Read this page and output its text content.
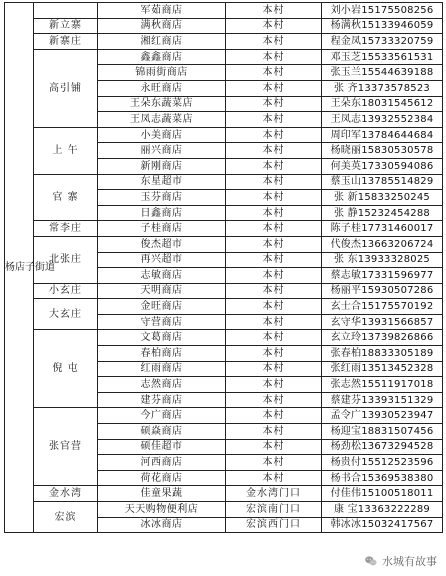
杨店子街道		军茹商店	本村	刘小岩15175508256
	新立寨	满秋商店	本村	杨满秋15133946059
	新寨庄	湘红商店	本村	程金凤15733320759
	高引铺	鑫鑫商店	本村	邓玉芝15533561531
		锦雨街商店	本村	张玉兰15544639188
		永旺商店	本村	张 齐13373578523
		王朵东蔬菜店	本村	王朵东18031545612
		王凤志蔬菜店	本村	王凤志13932552384
	上 午	小美商店	本村	周印军13784644684
		丽兴商店	本村	杨晓丽15830530578
		新刚商店	本村	何美英17330594086
	官 寨	东星超市	本村	蔡玉山13785514829
		玉芬商店	本村	张 新15833250245
		日鑫商店	本村	张 静15232454288
	常李庄	子桂商店	本村	陈子桂17731460017
	北张庄	俊杰超市	本村	代俊杰13663206724
		再兴超市	本村	张 东13933328025
		志敏商店	本村	蔡志敏17331596977
	小玄庄	天明商店	本村	杨丽平15930507286
	大玄庄	金旺商店	本村	玄士合15175570192
		守营商店	本村	玄守华13931566857
	倪 屯	文葛商店	本村	玄立玲13739826866
		春柏商店	本村	张春柏18833305189
		红雨商店	本村	张红雨13513452328
		志然商店	本村	张志然15511917018
		建芬商店	本村	蔡建芬13393151329
	张官营	今广商店	本村	孟令广13930523947
		硕焱商店	本村	杨迎宝18831507456
		硕佳超市	本村	杨劲松13673294528
		河西商店	本村	杨贵付15512523596
		荷花商店	本村	杨书合15369538380
	金水湾	佳童果蔬	金水湾门口	付佳伟15100518011
	宏滨	天天购物便利店	宏滨南门口	康 宝13363222289
		冰冰商店	宏滨西门口	韩冰冰15032417567
水城有故事
